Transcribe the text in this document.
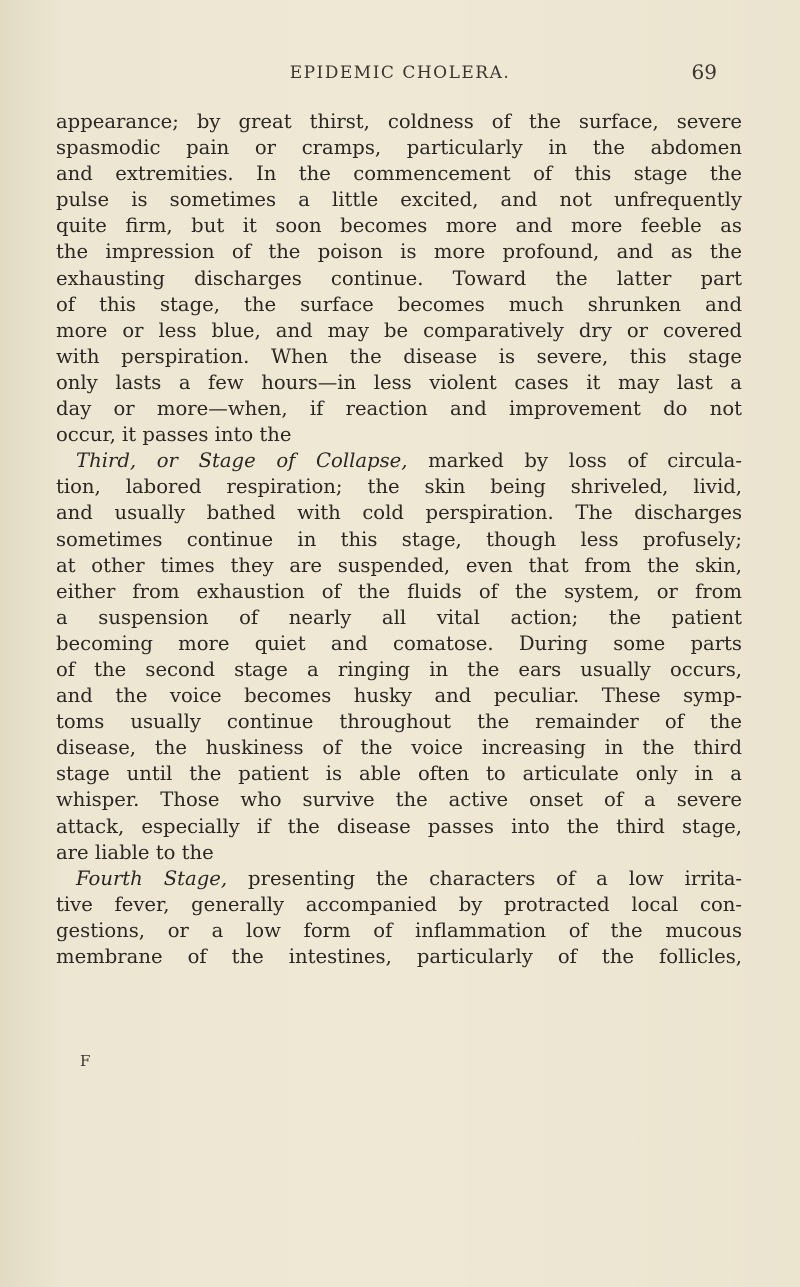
EPIDEMIC CHOLERA.	69
appearance; by great thirst, coldness of the surface, severe
spasmodic pain or cramps, particularly in the abdomen
and extremities. In the commencement of this stage the
pulse is sometimes a little excited, and not unfrequently
quite firm, but it soon becomes more and more feeble as
the impression of the poison is more profound, and as the
exhausting discharges continue. Toward the latter part
of this stage, the surface becomes much shrunken and
more or less blue, and may be comparatively dry or covered
with perspiration. When the disease is severe, this stage
only lasts a few hours—in less violent cases it may last a
day or more—when, if reaction and improvement do not
occur, it passes into the
Third, or Stage of Collapse, marked by loss of circula-
tion, labored respiration; the skin being shriveled, livid,
and usually bathed with cold perspiration. The discharges
sometimes continue in this stage, though less profusely;
at other times they are suspended, even that from the skin,
either from exhaustion of the fluids of the system, or from
a suspension of nearly all vital action; the patient
becoming more quiet and comatose. During some parts
of the second stage a ringing in the ears usually occurs,
and the voice becomes husky and peculiar. These symp-
toms usually continue throughout the remainder of the
disease, the huskiness of the voice increasing in the third
stage until the patient is able often to articulate only in a
whisper. Those who survive the active onset of a severe
attack, especially if the disease passes into the third stage,
are liable to the
Fourth Stage, presenting the characters of a low irrita-
tive fever, generally accompanied by protracted local con-
gestions, or a low form of inflammation of the mucous
membrane of the intestines, particularly of the follicles,
F
